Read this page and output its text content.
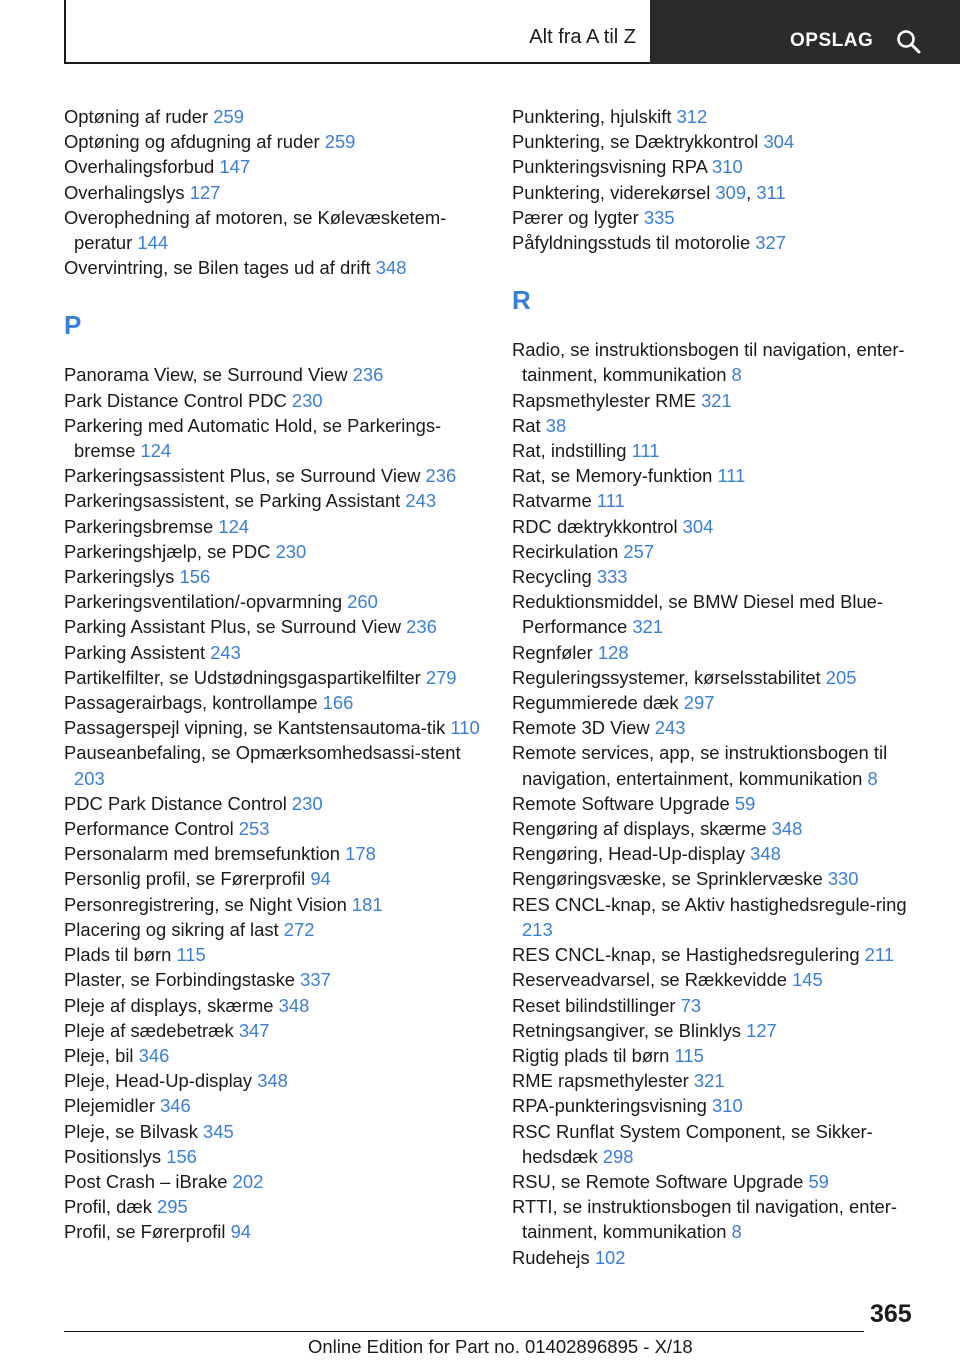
Alt fra A til Z	OPSLAG

Optøning af ruder 259

Optøning og afdugning af ruder 259

Overhalingsforbud 147

Overhalingslys 127

Overophedning af motoren, se Kølevæsketem-peratur 144

Overvintring, se Bilen tages ud af drift 348

P

Panorama View, se Surround View 236

Park Distance Control PDC 230

Parkering med Automatic Hold, se Parkerings-bremse 124

Parkeringsassistent Plus, se Surround View 236

Parkeringsassistent, se Parking Assistant 243

Parkeringsbremse 124

Parkeringshjælp, se PDC 230

Parkeringslys 156

Parkeringsventilation/-opvarmning 260

Parking Assistant Plus, se Surround View 236

Parking Assistent 243

Partikelfilter, se Udstødningsgaspartikelfilter 279

Passagerairbags, kontrollampe 166

Passagerspejl vipning, se Kantstensautoma-tik 110

Pauseanbefaling, se Opmærksomhedsassi-stent 203

PDC Park Distance Control 230

Performance Control 253

Personalarm med bremsefunktion 178

Personlig profil, se Førerprofil 94

Personregistrering, se Night Vision 181

Placering og sikring af last 272

Plads til børn 115

Plaster, se Forbindingstaske 337

Pleje af displays, skærme 348

Pleje af sædebetræk 347

Pleje, bil 346

Pleje, Head-Up-display 348

Plejemidler 346

Pleje, se Bilvask 345

Positionslys 156

Post Crash – iBrake 202

Profil, dæk 295

Profil, se Førerprofil 94

Punktering, hjulskift 312

Punktering, se Dæktrykkontrol 304

Punkteringsvisning RPA 310

Punktering, viderekørsel 309, 311

Pærer og lygter 335

Påfyldningsstuds til motorolie 327

R

Radio, se instruktionsbogen til navigation, enter-tainment, kommunikation 8

Rapsmethylester RME 321

Rat 38

Rat, indstilling 111

Rat, se Memory-funktion 111

Ratvarme 111

RDC dæktrykkontrol 304

Recirkulation 257

Recycling 333

Reduktionsmiddel, se BMW Diesel med Blue-Performance 321

Regnføler 128

Reguleringssystemer, kørselsstabilitet 205

Regummierede dæk 297

Remote 3D View 243

Remote services, app, se instruktionsbogen til navigation, entertainment, kommunikation 8

Remote Software Upgrade 59

Rengøring af displays, skærme 348

Rengøring, Head-Up-display 348

Rengøringsvæske, se Sprinklervæske 330

RES CNCL-knap, se Aktiv hastighedsregule-ring 213

RES CNCL-knap, se Hastighedsregulering 211

Reserveadvarsel, se Rækkevidde 145

Reset bilindstillinger 73

Retningsangiver, se Blinklys 127

Rigtig plads til børn 115

RME rapsmethylester 321

RPA-punkteringsvisning 310

RSC Runflat System Component, se Sikker-hedsdæk 298

RSU, se Remote Software Upgrade 59

RTTI, se instruktionsbogen til navigation, enter-tainment, kommunikation 8

Rudehejs 102

365
Online Edition for Part no. 01402896895 - X/18
